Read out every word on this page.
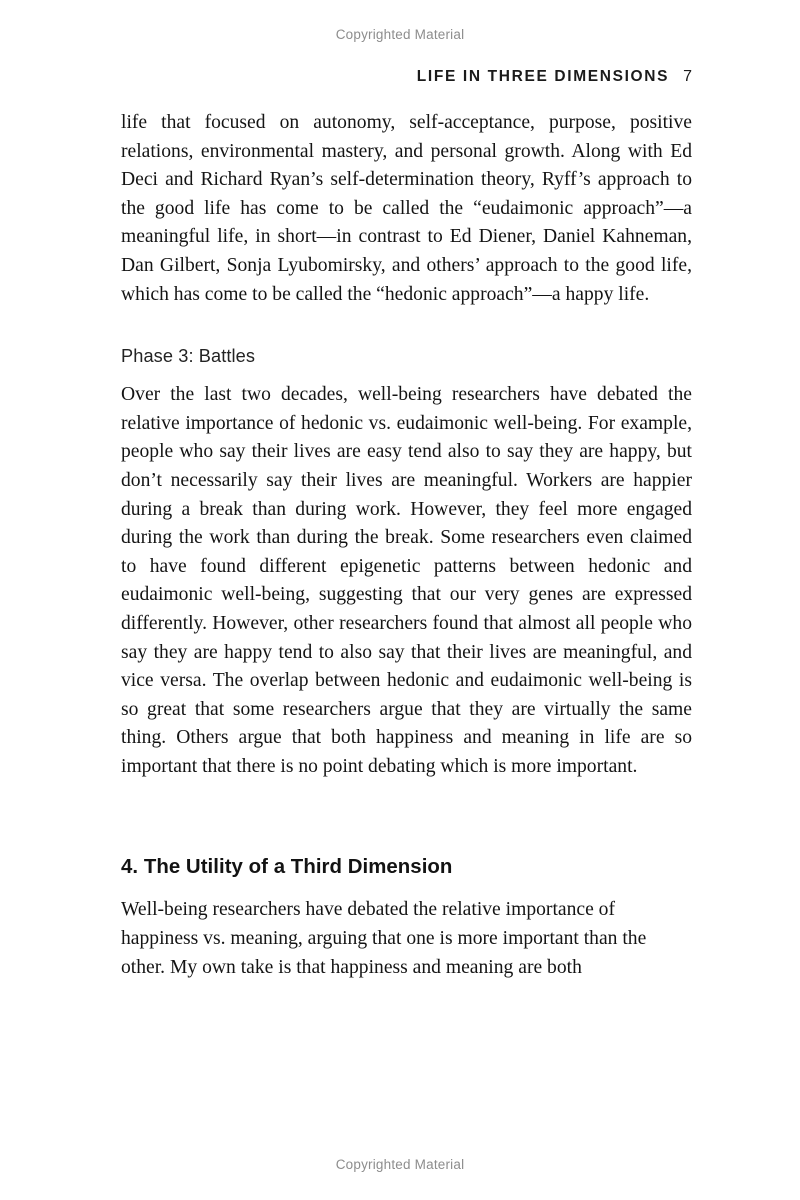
Copyrighted Material
LIFE IN THREE DIMENSIONS 7

life that focused on autonomy, self-acceptance, purpose, positive relations, environmental mastery, and personal growth. Along with Ed Deci and Richard Ryan’s self-determination theory, Ryff’s approach to the good life has come to be called the “eudaimonic approach”—a meaningful life, in short—in contrast to Ed Diener, Daniel Kahneman, Dan Gilbert, Sonja Lyubomirsky, and others’ approach to the good life, which has come to be called the “hedonic approach”—a happy life.

Phase 3: Battles

Over the last two decades, well-being researchers have debated the relative importance of hedonic vs. eudaimonic well-being. For example, people who say their lives are easy tend also to say they are happy, but don’t necessarily say their lives are meaningful. Workers are happier during a break than during work. However, they feel more engaged during the work than during the break. Some researchers even claimed to have found different epigenetic patterns between hedonic and eudaimonic well-being, suggesting that our very genes are expressed differently. However, other researchers found that almost all people who say they are happy tend to also say that their lives are meaningful, and vice versa. The overlap between hedonic and eudaimonic well-being is so great that some researchers argue that they are virtually the same thing. Others argue that both happiness and meaning in life are so important that there is no point debating which is more important.

4. The Utility of a Third Dimension

Well-being researchers have debated the relative importance of happiness vs. meaning, arguing that one is more important than the other. My own take is that happiness and meaning are both

Copyrighted Material
